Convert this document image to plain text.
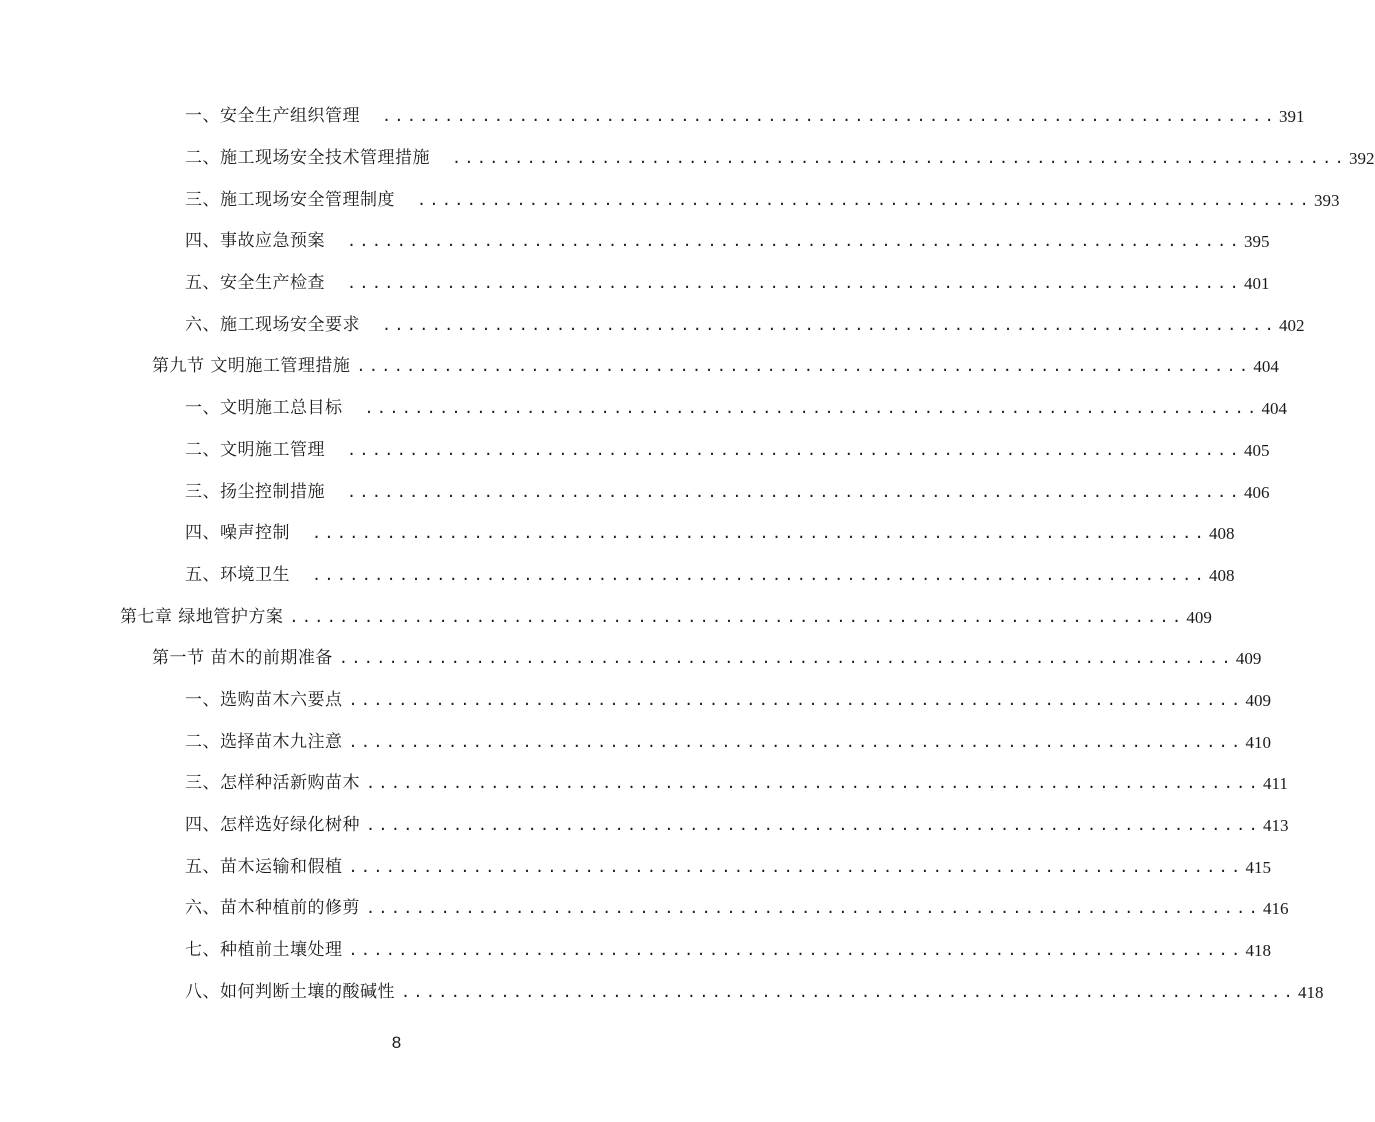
一、安全生产组织管理	........................................................................ 391
二、施工现场安全技术管理措施	........................................................................ 392
三、施工现场安全管理制度	........................................................................ 393
四、事故应急预案	........................................................................ 395
五、安全生产检查	........................................................................ 401
六、施工现场安全要求	........................................................................ 402
第九节 文明施工管理措施 ........................................................................ 404
一、文明施工总目标	........................................................................ 404
二、文明施工管理	........................................................................ 405
三、扬尘控制措施	........................................................................ 406
四、噪声控制	........................................................................ 408
五、环境卫生	........................................................................ 408
第七章 绿地管护方案 ........................................................................ 409
第一节 苗木的前期准备 ........................................................................ 409
一、选购苗木六要点 ........................................................................ 409
二、选择苗木九注意 ........................................................................ 410
三、怎样种活新购苗木 ........................................................................ 411
四、怎样选好绿化树种 ........................................................................ 413
五、苗木运输和假植 ........................................................................ 415
六、苗木种植前的修剪 ........................................................................ 416
七、种植前土壤处理 ........................................................................ 418
八、如何判断土壤的酸碱性 ........................................................................ 418
8
